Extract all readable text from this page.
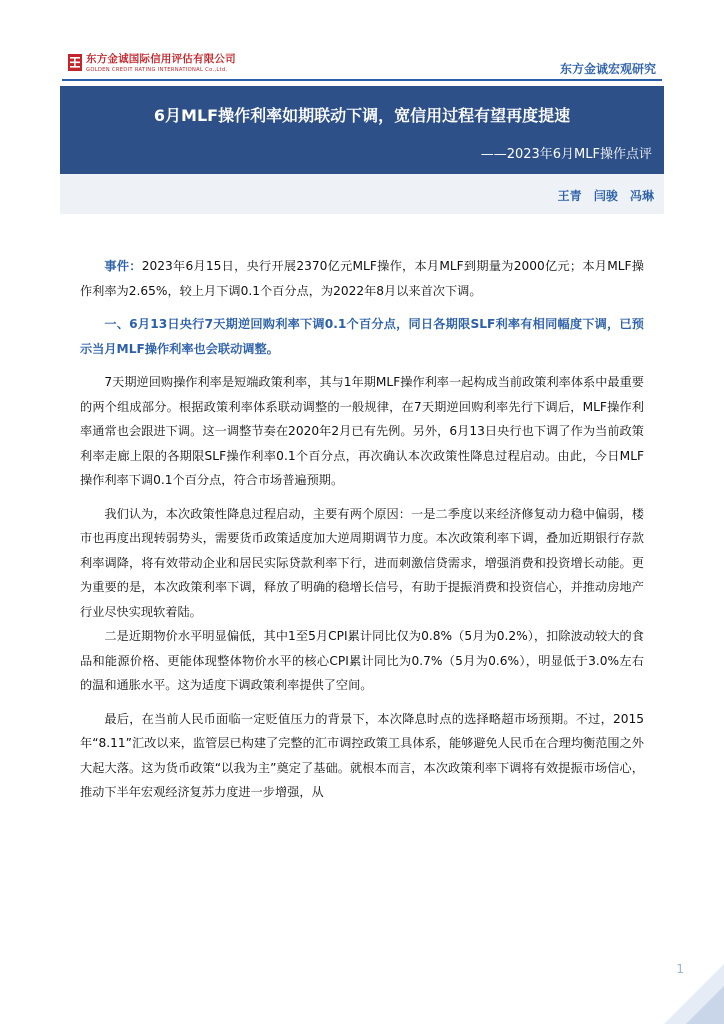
东方金诚国际信用评估有限公司
GOLDEN CREDIT RATING INTERNATIONAL Co.,Ltd.	东方金诚宏观研究
6月MLF操作利率如期联动下调，宽信用过程有望再度提速
——2023年6月MLF操作点评
王青 闫骏 冯琳

事件：2023年6月15日，央行开展2370亿元MLF操作，本月MLF到期量为2000亿元；本月MLF操作利率为2.65%，较上月下调0.1个百分点，为2022年8月以来首次下调。

一、6月13日央行7天期逆回购利率下调0.1个百分点，同日各期限SLF利率有相同幅度下调，已预示当月MLF操作利率也会联动调整。

7天期逆回购操作利率是短端政策利率，其与1年期MLF操作利率一起构成当前政策利率体系中最重要的两个组成部分。根据政策利率体系联动调整的一般规律，在7天期逆回购利率先行下调后，MLF操作利率通常也会跟进下调。这一调整节奏在2020年2月已有先例。另外，6月13日央行也下调了作为当前政策利率走廊上限的各期限SLF操作利率0.1个百分点，再次确认本次政策性降息过程启动。由此，今日MLF操作利率下调0.1个百分点，符合市场普遍预期。

我们认为，本次政策性降息过程启动，主要有两个原因：一是二季度以来经济修复动力稳中偏弱，楼市也再度出现转弱势头，需要货币政策适度加大逆周期调节力度。本次政策利率下调，叠加近期银行存款利率调降，将有效带动企业和居民实际贷款利率下行，进而刺激信贷需求，增强消费和投资增长动能。更为重要的是，本次政策利率下调，释放了明确的稳增长信号，有助于提振消费和投资信心，并推动房地产行业尽快实现软着陆。

二是近期物价水平明显偏低，其中1至5月CPI累计同比仅为0.8%（5月为0.2%），扣除波动较大的食品和能源价格、更能体现整体物价水平的核心CPI累计同比为0.7%（5月为0.6%），明显低于3.0%左右的温和通胀水平。这为适度下调政策利率提供了空间。

最后，在当前人民币面临一定贬值压力的背景下，本次降息时点的选择略超市场预期。不过，2015年“8.11”汇改以来，监管层已构建了完整的汇市调控政策工具体系，能够避免人民币在合理均衡范围之外大起大落。这为货币政策“以我为主”奠定了基础。就根本而言，本次政策利率下调将有效提振市场信心，推动下半年宏观经济复苏力度进一步增强，从

1
